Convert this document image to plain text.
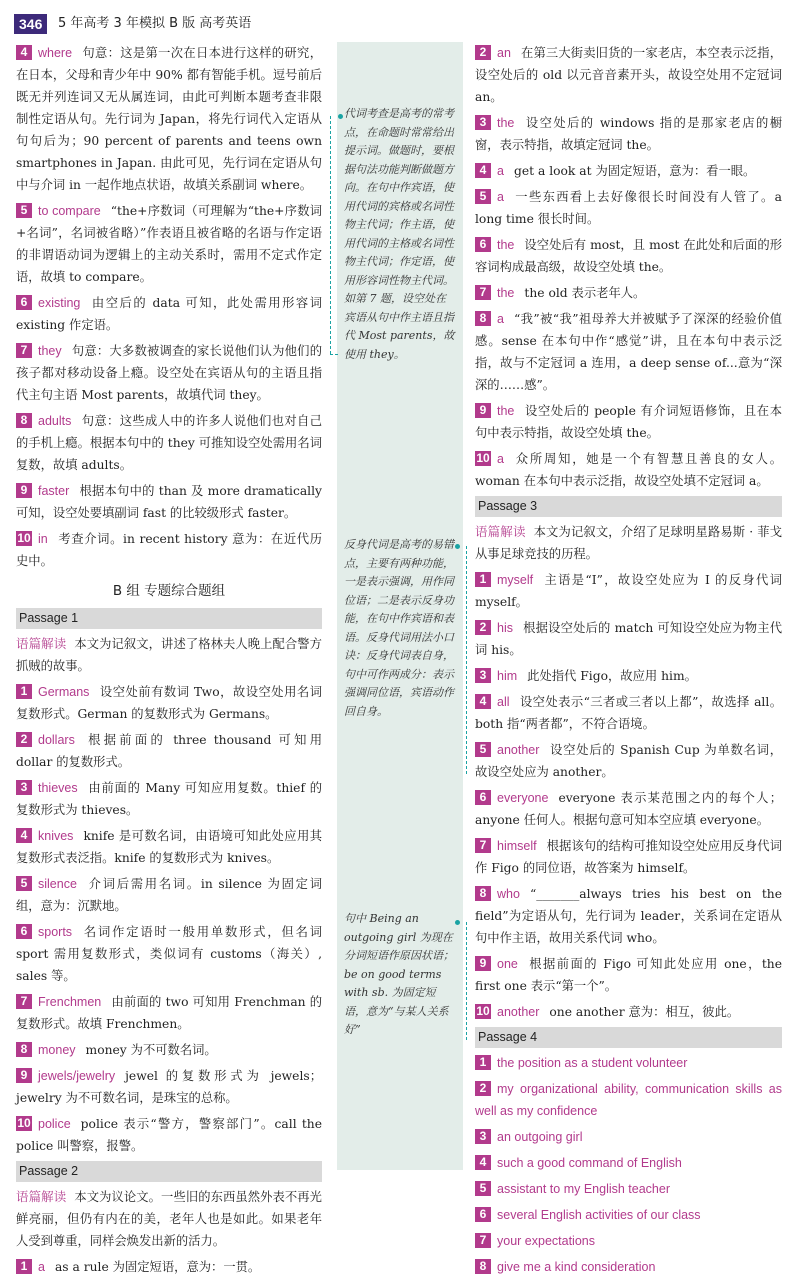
346	5 年高考 3 年模拟 B 版 高考英语
4 where 句意：这是第一次在日本进行这样的研究，在日本，父母和青少年中 90% 都有智能手机。逗号前后既无并列连词又无从属连词，由此可判断本题考查非限制性定语从句。先行词为 Japan，将先行词代入定语从句句后为；90 percent of parents and teens own smartphones in Japan. 由此可见，先行词在定语从句中与介词 in 一起作地点状语，故填关系副词 where。
5 to compare “the+序数词（可理解为“the+序数词+名词”，名词被省略）”作表语且被省略的名语与作定语的非谓语动词为逻辑上的主动关系时，需用不定式作定语，故填 to compare。
6 existing 由空后的 data 可知，此处需用形容词 existing 作定语。
7 they 句意：大多数被调查的家长说他们认为他们的孩子都对移动设备上瘾。设空处在宾语从句的主语且指代主句主语 Most parents，故填代词 they。
8 adults 句意：这些成人中的许多人说他们也对自己的手机上瘾。根据本句中的 they 可推知设空处需用名词复数，故填 adults。
9 faster 根据本句中的 than 及 more dramatically 可知，设空处要填副词 fast 的比较级形式 faster。
10 in 考查介词。in recent history 意为：在近代历史中。
B 组 专题综合题组
Passage 1
语篇解读 本文为记叙文，讲述了格林夫人晚上配合警方抓贼的故事。
1 Germans 设空处前有数词 Two，故设空处用名词复数形式。German 的复数形式为 Germans。
2 dollars 根据前面的 three thousand 可知用 dollar 的复数形式。
3 thieves 由前面的 Many 可知应用复数。thief 的复数形式为 thieves。
4 knives knife 是可数名词，由语境可知此处应用其复数形式表泛指。knife 的复数形式为 knives。
5 silence 介词后需用名词。in silence 为固定词组，意为：沉默地。
6 sports 名词作定语时一般用单数形式，但名词 sport 需用复数形式，类似词有 customs（海关）, sales 等。
7 Frenchmen 由前面的 two 可知用 Frenchman 的复数形式。故填 Frenchmen。
8 money money 为不可数名词。
9 jewels/jewelry jewel 的复数形式为 jewels；jewelry 为不可数名词，是珠宝的总称。
10 police police 表示“警方，警察部门”。call the police 叫警察，报警。
Passage 2
语篇解读 本文为议论文。一些旧的东西虽然外表不再光鲜亮丽，但仍有内在的美，老年人也是如此。如果老年人受到尊重，同样会焕发出新的活力。
1 a as a rule 为固定短语，意为：一贯。
代词考查是高考的常考点，在命题时常常给出提示词。做题时，要根据句法功能判断做题方向。在句中作宾语，使用代词的宾格或名词性物主代词；作主语，使用代词的主格或名词性物主代词；作定语，使用形容词性物主代词。如第 7 题，设空处在宾语从句中作主语且指代 Most parents，故使用 they。
反身代词是高考的易错点，主要有两种功能，一是表示强调，用作同位语；二是表示反身功能，在句中作宾语和表语。反身代词用法小口诀：反身代词表自身，句中可作两成分：表示强调同位语，宾语动作回自身。
句中 Being an outgoing girl 为现在分词短语作原因状语；be on good terms with sb. 为固定短语，意为“与某人关系好”
2 an 在第三大街卖旧货的一家老店，本空表示泛指，设空处后的 old 以元音音素开头，故设空处用不定冠词 an。
3 the 设空处后的 windows 指的是那家老店的橱窗，表示特指，故填定冠词 the。
4 a get a look at 为固定短语，意为：看一眼。
5 a 一些东西看上去好像很长时间没有人管了。a long time 很长时间。
6 the 设空处后有 most，且 most 在此处和后面的形容词构成最高级，故设空处填 the。
7 the the old 表示老年人。
8 a “我”被“我”祖母养大并被赋予了深深的经验价值感。sense 在本句中作“感觉”讲，且在本句中表示泛指，故与不定冠词 a 连用，a deep sense of...意为“深深的……感”。
9 the 设空处后的 people 有介词短语修饰，且在本句中表示特指，故设空处填 the。
10 a 众所周知，她是一个有智慧且善良的女人。woman 在本句中表示泛指，故设空处填不定冠词 a。
Passage 3
语篇解读 本文为记叙文，介绍了足球明星路易斯 · 菲戈从事足球竞技的历程。
1 myself 主语是“I”，故设空处应为 I 的反身代词 myself。
2 his 根据设空处后的 match 可知设空处应为物主代词 his。
3 him 此处指代 Figo，故应用 him。
4 all 设空处表示“三者或三者以上都”，故选择 all。both 指“两者都”，不符合语境。
5 another 设空处后的 Spanish Cup 为单数名词，故设空处应为 another。
6 everyone everyone 表示某范围之内的每个人；anyone 任何人。根据句意可知本空应填 everyone。
7 himself 根据该句的结构可推知设空处应用反身代词作 Figo 的同位语，故答案为 himself。
8 who “_______always tries his best on the field”为定语从句，先行词为 leader，关系词在定语从句中作主语，故用关系代词 who。
9 one 根据前面的 Figo 可知此处应用 one，the first one 表示“第一个”。
10 another one another 意为：相互，彼此。
Passage 4
1 the position as a student volunteer
2 my organizational ability, communication skills as well as my confidence
3 an outgoing girl
4 such a good command of English
5 assistant to my English teacher
6 several English activities of our class
7 your expectations
8 give me a kind consideration
